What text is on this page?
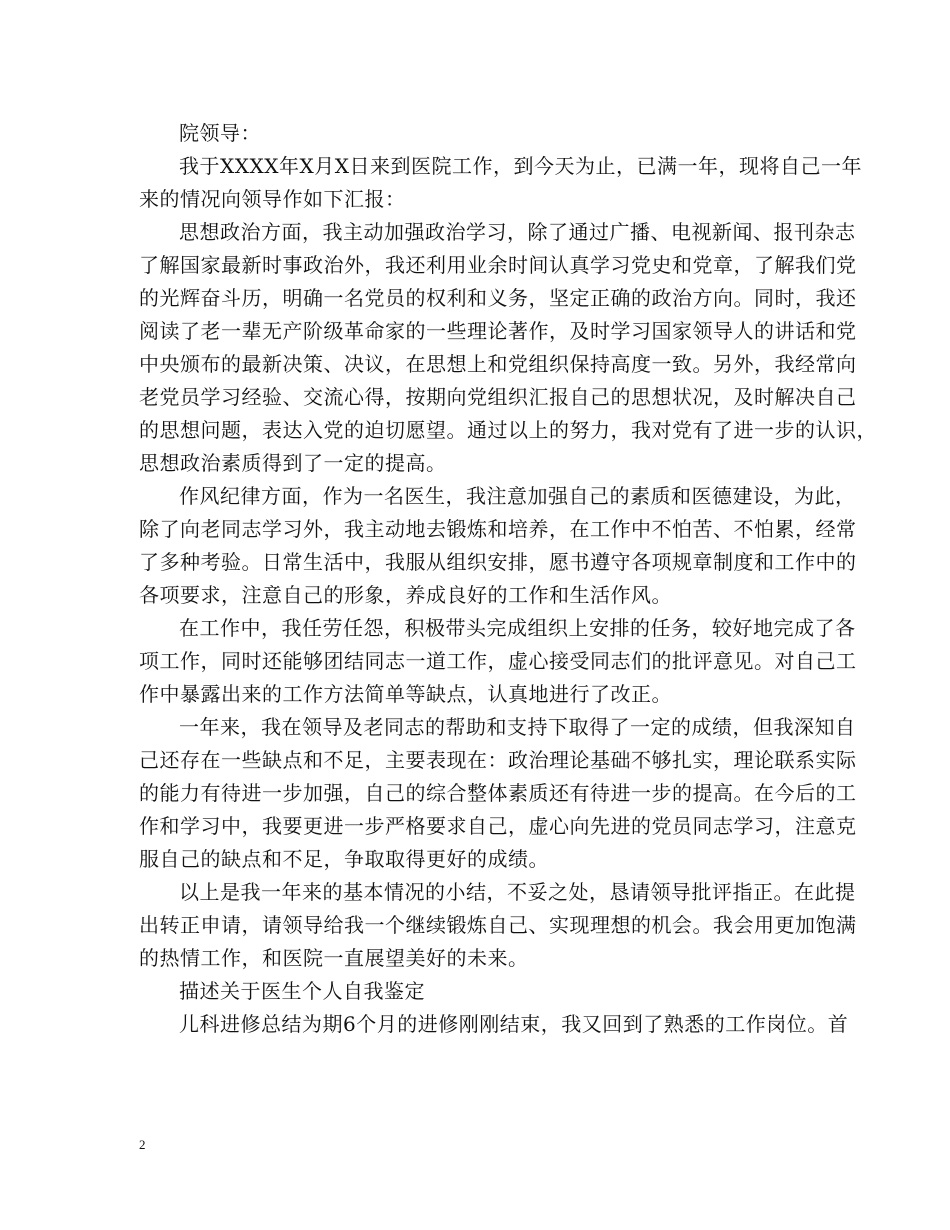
院领导：
我 于 X X X X 年 X 月 X 日 来 到 医 院 工 作 ， 到 今 天 为 止 ， 已 满 一 年 ， 现 将 自 己 一 年
来的情况向领导作如下汇报：
思 想 政 治 方 面 ， 我 主 动 加 强 政 治 学 习 ， 除 了 通 过 广 播 、 电 视 新 闻 、 报 刊 杂 志
了 解 国 家 最 新 时 事 政 治 外 ， 我 还 利 用 业 余 时 间 认 真 学 习 党 史 和 党 章 ， 了 解 我 们 党
的 光 辉 奋 斗 历 ， 明 确 一 名 党 员 的 权 利 和 义 务 ， 坚 定 正 确 的 政 治 方 向 。 同 时 ， 我 还
阅 读 了 老 一 辈 无 产 阶 级 革 命 家 的 一 些 理 论 著 作 ， 及 时 学 习 国 家 领 导 人 的 讲 话 和 党
中 央 颁 布 的 最 新 决 策 、 决 议 ， 在 思 想 上 和 党 组 织 保 持 高 度 一 致 。 另 外 ， 我 经 常 向
老 党 员 学 习 经 验 、 交 流 心 得 ， 按 期 向 党 组 织 汇 报 自 己 的 思 想 状 况 ， 及 时 解 决 自 己
的 思 想 问 题 ， 表 达 入 党 的 迫 切 愿 望 。 通 过 以 上 的 努 力 ， 我 对 党 有 了 进 一 步 的 认 识 ，
思想政治素质得到了一定的提高。
作 风 纪 律 方 面 ， 作 为 一 名 医 生 ， 我 注 意 加 强 自 己 的 素 质 和 医 德 建 设 ， 为 此 ，
除 了 向 老 同 志 学 习 外 ， 我 主 动 地 去 锻 炼 和 培 养 ， 在 工 作 中 不 怕 苦 、 不 怕 累 ， 经 常
了 多 种 考 验 。 日 常 生 活 中 ， 我 服 从 组 织 安 排 ， 愿 书 遵 守 各 项 规 章 制 度 和 工 作 中 的
各项要求，注意自己的形象，养成良好的工作和生活作风。
在 工 作 中 ， 我 任 劳 任 怨 ， 积 极 带 头 完 成 组 织 上 安 排 的 任 务 ， 较 好 地 完 成 了 各
项 工 作 ， 同 时 还 能 够 团 结 同 志 一 道 工 作 ， 虚 心 接 受 同 志 们 的 批 评 意 见 。 对 自 己 工
作中暴露出来的工作方法简单等缺点，认真地进行了改正。
一 年 来 ， 我 在 领 导 及 老 同 志 的 帮 助 和 支 持 下 取 得 了 一 定 的 成 绩 ， 但 我 深 知 自
己 还 存 在 一 些 缺 点 和 不 足 ， 主 要 表 现 在 ： 政 治 理 论 基 础 不 够 扎 实 ， 理 论 联 系 实 际
的 能 力 有 待 进 一 步 加 强 ， 自 己 的 综 合 整 体 素 质 还 有 待 进 一 步 的 提 高 。 在 今 后 的 工
作 和 学 习 中 ， 我 要 更 进 一 步 严 格 要 求 自 己 ， 虚 心 向 先 进 的 党 员 同 志 学 习 ， 注 意 克
服自己的缺点和不足，争取取得更好的成绩。
以 上 是 我 一 年 来 的 基 本 情 况 的 小 结 ， 不 妥 之 处 ， 恳 请 领 导 批 评 指 正 。 在 此 提
出 转 正 申 请 ， 请 领 导 给 我 一 个 继 续 锻 炼 自 己 、 实 现 理 想 的 机 会 。 我 会 用 更 加 饱 满
的热情工作，和医院一直展望美好的未来。
描述关于医生个人自我鉴定
儿 科 进 修 总 结 为 期 6 个 月 的 进 修 刚 刚 结 束 ， 我 又 回 到 了 熟 悉 的 工 作 岗 位 。 首
2
